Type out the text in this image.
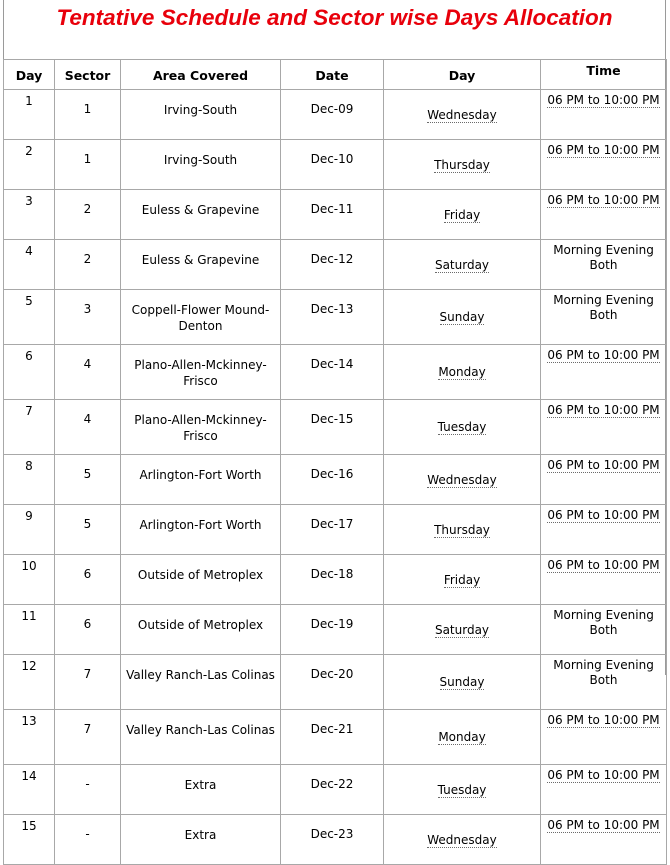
Tentative Schedule and Sector wise Days Allocation
Day	Sector	Area Covered	Date	Day	Time
1	1	Irving-South	Dec-09	Wednesday	06 PM to 10:00 PM
2	1	Irving-South	Dec-10	Thursday	06 PM to 10:00 PM
3	2	Euless & Grapevine	Dec-11	Friday	06 PM to 10:00 PM
4	2	Euless & Grapevine	Dec-12	Saturday	Morning Evening Both
5	3	Coppell-Flower Mound-Denton	Dec-13	Sunday	Morning Evening Both
6	4	Plano-Allen-Mckinney-Frisco	Dec-14	Monday	06 PM to 10:00 PM
7	4	Plano-Allen-Mckinney-Frisco	Dec-15	Tuesday	06 PM to 10:00 PM
8	5	Arlington-Fort Worth	Dec-16	Wednesday	06 PM to 10:00 PM
9	5	Arlington-Fort Worth	Dec-17	Thursday	06 PM to 10:00 PM
10	6	Outside of Metroplex	Dec-18	Friday	06 PM to 10:00 PM
11	6	Outside of Metroplex	Dec-19	Saturday	Morning Evening Both
12	7	Valley Ranch-Las Colinas	Dec-20	Sunday	Morning Evening Both
13	7	Valley Ranch-Las Colinas	Dec-21	Monday	06 PM to 10:00 PM
14	-	Extra	Dec-22	Tuesday	06 PM to 10:00 PM
15	-	Extra	Dec-23	Wednesday	06 PM to 10:00 PM
